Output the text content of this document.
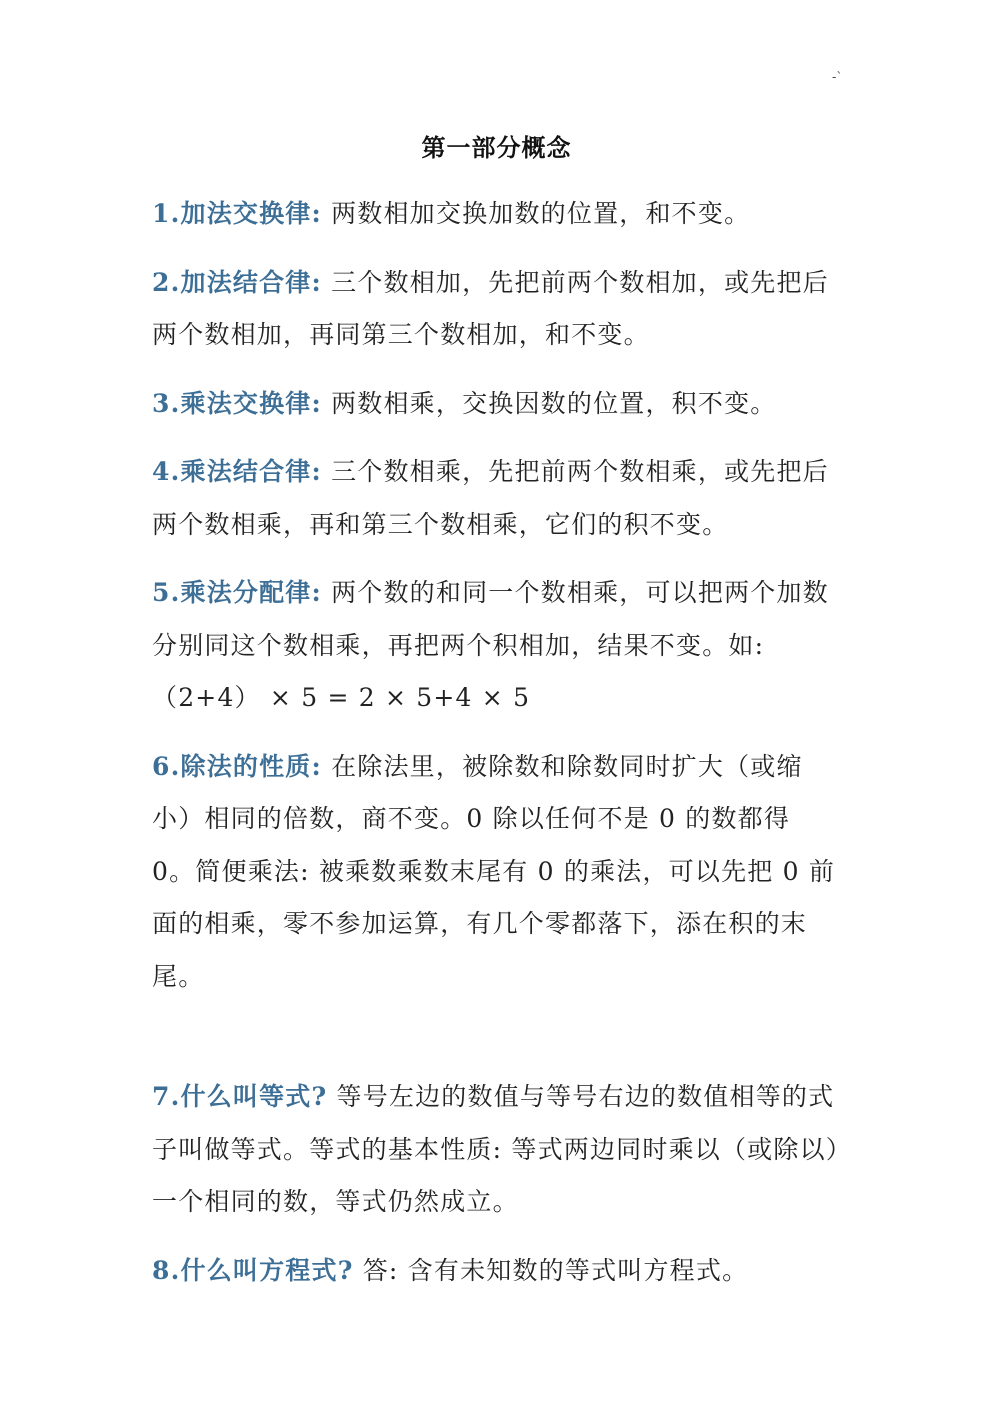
-`
第一部分概念

1.加法交换律: 两数相加交换加数的位置，和不变。

2.加法结合律: 三个数相加，先把前两个数相加，或先把后两个数相加，再同第三个数相加，和不变。

3.乘法交换律: 两数相乘，交换因数的位置，积不变。

4.乘法结合律: 三个数相乘，先把前两个数相乘，或先把后两个数相乘，再和第三个数相乘，它们的积不变。

5.乘法分配律: 两个数的和同一个数相乘，可以把两个加数分别同这个数相乘，再把两个积相加，结果不变。如: （2+4） × 5 = 2 × 5+4 × 5

6.除法的性质: 在除法里，被除数和除数同时扩大（或缩小）相同的倍数，商不变。0 除以任何不是 0 的数都得 0。简便乘法: 被乘数乘数末尾有 0 的乘法，可以先把 0 前面的相乘，零不参加运算，有几个零都落下，添在积的末尾。

7.什么叫等式? 等号左边的数值与等号右边的数值相等的式子叫做等式。等式的基本性质: 等式两边同时乘以（或除以）一个相同的数，等式仍然成立。

8.什么叫方程式? 答: 含有未知数的等式叫方程式。
